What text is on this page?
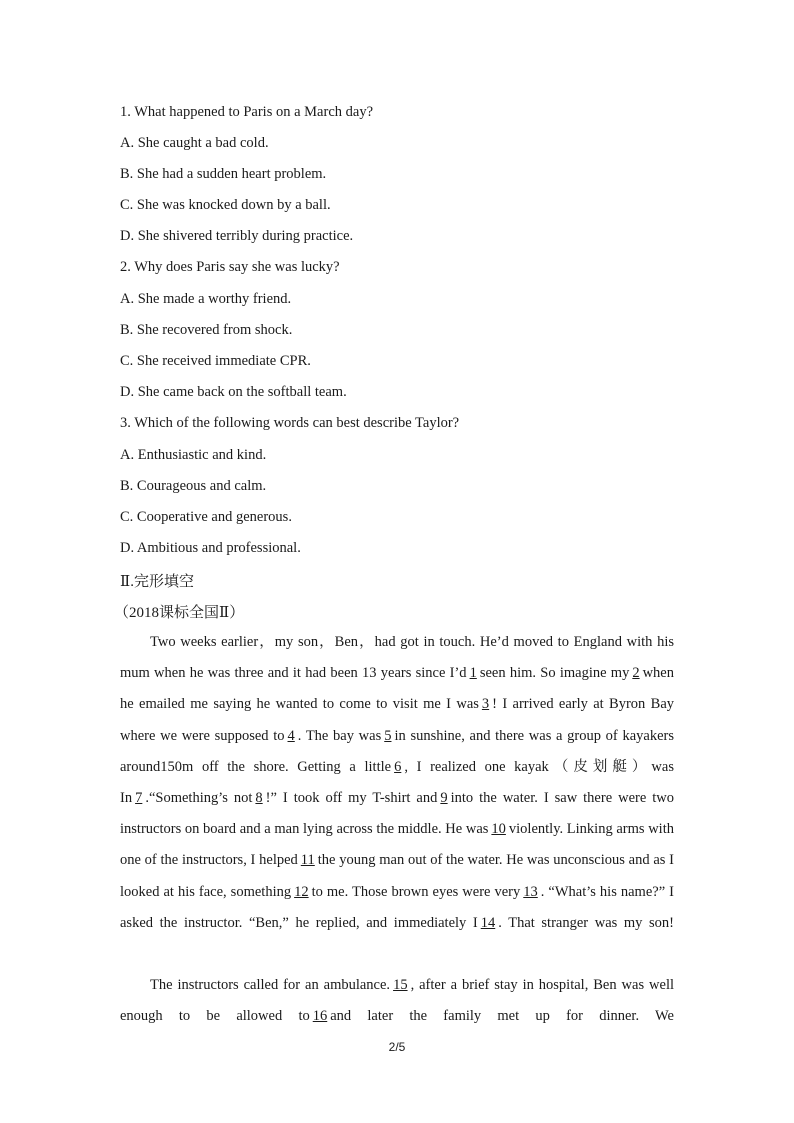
1. What happened to Paris on a March day?
A. She caught a bad cold.
B. She had a sudden heart problem.
C. She was knocked down by a ball.
D. She shivered terribly during practice.
2. Why does Paris say she was lucky?
A. She made a worthy friend.
B. She recovered from shock.
C. She received immediate CPR.
D. She came back on the softball team.
3. Which of the following words can best describe Taylor?
A. Enthusiastic and kind.
B. Courageous and calm.
C. Cooperative and generous.
D. Ambitious and professional.
Ⅱ.完形填空
（2018课标全国Ⅱ）
Two weeks earlier，my son，Ben，had got in touch. He’d moved to England with his mum when he was three and it had been 13 years since I’d 1 seen him. So imagine my 2 when he emailed me saying he wanted to come to visit me I was 3 ! I arrived early at Byron Bay where we were supposed to 4 . The bay was 5 in sunshine, and there was a group of kayakers around150m off the shore. Getting a little 6 , I realized one kayak（皮划艇）was In 7 .“Something’s not 8 !” I took off my T-shirt and 9 into the water. I saw there were two instructors on board and a man lying across the middle. He was 10 violently. Linking arms with one of the instructors, I helped 11 the young man out of the water. He was unconscious and as I looked at his face, something 12 to me. Those brown eyes were very 13 . “What’s his name?” I asked the instructor. “Ben,” he replied, and immediately I 14 . That stranger was my son!
The instructors called for an ambulance. 15 , after a brief stay in hospital, Ben was well enough to be allowed to 16 and later the family met up for dinner. We
2/5
